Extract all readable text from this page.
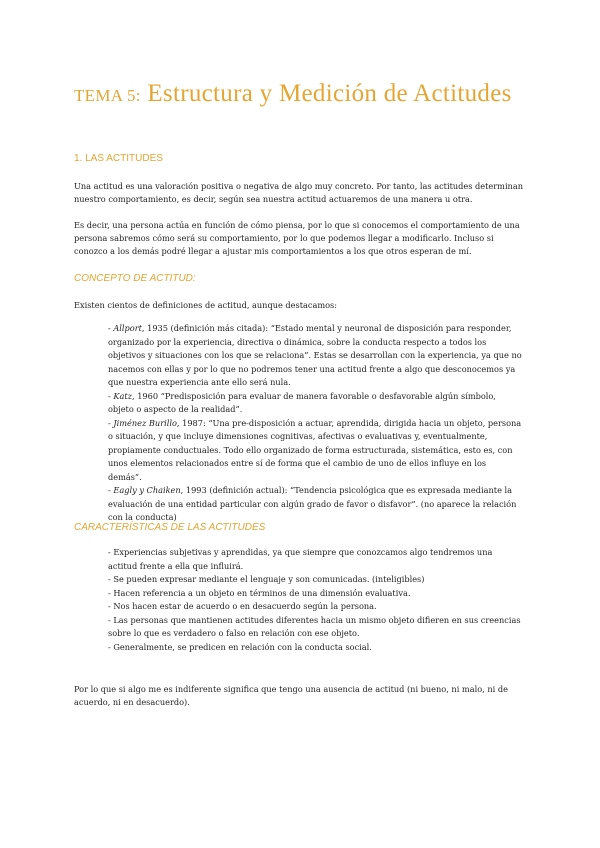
TEMA 5: Estructura y Medición de Actitudes
1. LAS ACTITUDES
Una actitud es una valoración positiva o negativa de algo muy concreto. Por tanto, las actitudes determinan nuestro comportamiento, es decir, según sea nuestra actitud actuaremos de una manera u otra.
Es decir, una persona actúa en función de cómo piensa, por lo que si conocemos el comportamiento de una persona sabremos cómo será su comportamiento, por lo que podemos llegar a modificarlo. Incluso si conozco a los demás podré llegar a ajustar mis comportamientos a los que otros esperan de mí.
CONCEPTO DE ACTITUD:
Existen cientos de definiciones de actitud, aunque destacamos:

- Allport, 1935 (definición más citada): “Estado mental y neuronal de disposición para responder, organizado por la experiencia, directiva o dinámica, sobre la conducta respecto a todos los objetivos y situaciones con los que se relaciona”. Estas se desarrollan con la experiencia, ya que no nacemos con ellas y por lo que no podremos tener una actitud frente a algo que desconocemos ya que nuestra experiencia ante ello será nula.

- Katz, 1960 “Predisposición para evaluar de manera favorable o desfavorable algún símbolo, objeto o aspecto de la realidad”.

- Jiménez Burillo, 1987: “Una pre-disposición a actuar, aprendida, dirigida hacia un objeto, persona o situación, y que incluye dimensiones cognitivas, afectivas o evaluativas y, eventualmente, propiamente conductuales. Todo ello organizado de forma estructurada, sistemática, esto es, con unos elementos relacionados entre sí de forma que el cambio de uno de ellos influye en los demás”.

- Eagly y Chaiken, 1993 (definición actual): “Tendencia psicológica que es expresada mediante la evaluación de una entidad particular con algún grado de favor o disfavor”. (no aparece la relación con la conducta)

CARACTERÍSTICAS DE LAS ACTITUDES

- Experiencias subjetivas y aprendidas, ya que siempre que conozcamos algo tendremos una actitud frente a ella que influirá.

- Se pueden expresar mediante el lenguaje y son comunicadas. (inteligibles)

- Hacen referencia a un objeto en términos de una dimensión evaluativa.

- Nos hacen estar de acuerdo o en desacuerdo según la persona.

- Las personas que mantienen actitudes diferentes hacia un mismo objeto difieren en sus creencias sobre lo que es verdadero o falso en relación con ese objeto.

- Generalmente, se predicen en relación con la conducta social.

Por lo que si algo me es indiferente significa que tengo una ausencia de actitud (ni bueno, ni malo, ni de acuerdo, ni en desacuerdo).
